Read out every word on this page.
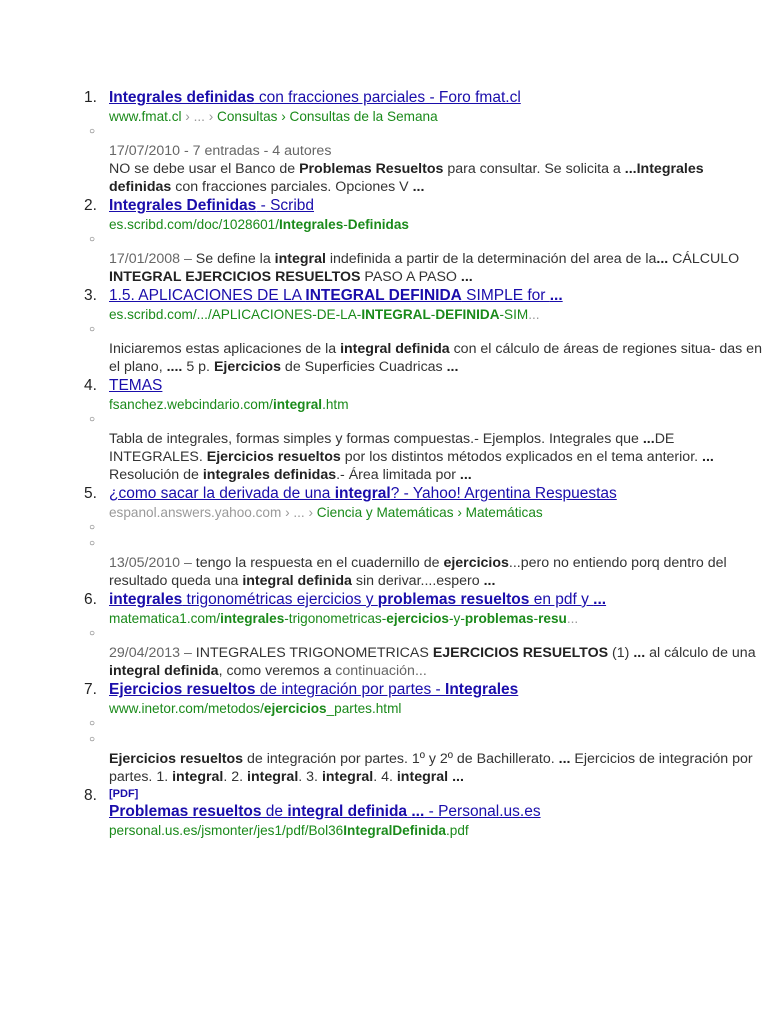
1. Integrales definidas con fracciones parciales - Foro fmat.cl
www.fmat.cl › ... › Consultas › Consultas de la Semana
○
17/07/2010 - 7 entradas - 4 autores
NO se debe usar el Banco de Problemas Resueltos para consultar. Se solicita a ...Integrales definidas con fracciones parciales. Opciones V ...
2. Integrales Definidas - Scribd
es.scribd.com/doc/1028601/Integrales-Definidas
○
17/01/2008 – Se define la integral indefinida a partir de la determinación del area de la... CÁLCULO INTEGRAL EJERCICIOS RESUELTOS PASO A PASO ...
3. 1.5. APLICACIONES DE LA INTEGRAL DEFINIDA SIMPLE for ...
es.scribd.com/.../APLICACIONES-DE-LA-INTEGRAL-DEFINIDA-SIM...
○
Iniciaremos estas aplicaciones de la integral definida con el cálculo de áreas de regiones situa- das en el plano, .... 5 p. Ejercicios de Superficies Cuadricas ...
4. TEMAS
fsanchez.webcindario.com/integral.htm
○
Tabla de integrales, formas simples y formas compuestas.- Ejemplos. Integrales que ...DE INTEGRALES. Ejercicios resueltos por los distintos métodos explicados en el tema anterior. ... Resolución de integrales definidas.- Área limitada por ...
5. ¿como sacar la derivada de una integral? - Yahoo! Argentina Respuestas
espanol.answers.yahoo.com › ... › Ciencia y Matemáticas › Matemáticas
○
○
13/05/2010 – tengo la respuesta en el cuadernillo de ejercicios...pero no entiendo porq dentro del resultado queda una integral definida sin derivar....espero ...
6. integrales trigonométricas ejercicios y problemas resueltos en pdf y ...
matematica1.com/integrales-trigonometricas-ejercicios-y-problemas-resu...
○
29/04/2013 – INTEGRALES TRIGONOMETRICAS EJERCICIOS RESUELTOS (1) ... al cálculo de una integral definida, como veremos a continuación...
7. Ejercicios resueltos de integración por partes - Integrales
www.inetor.com/metodos/ejercicios_partes.html
○
○
Ejercicios resueltos de integración por partes. 1º y 2º de Bachillerato. ... Ejercicios de integración por partes. 1. integral. 2. integral. 3. integral. 4. integral ...
8.	[PDF]
Problemas resueltos de integral definida ... - Personal.us.es
personal.us.es/jsmonter/jes1/pdf/Bol36IntegralDefinida.pdf
